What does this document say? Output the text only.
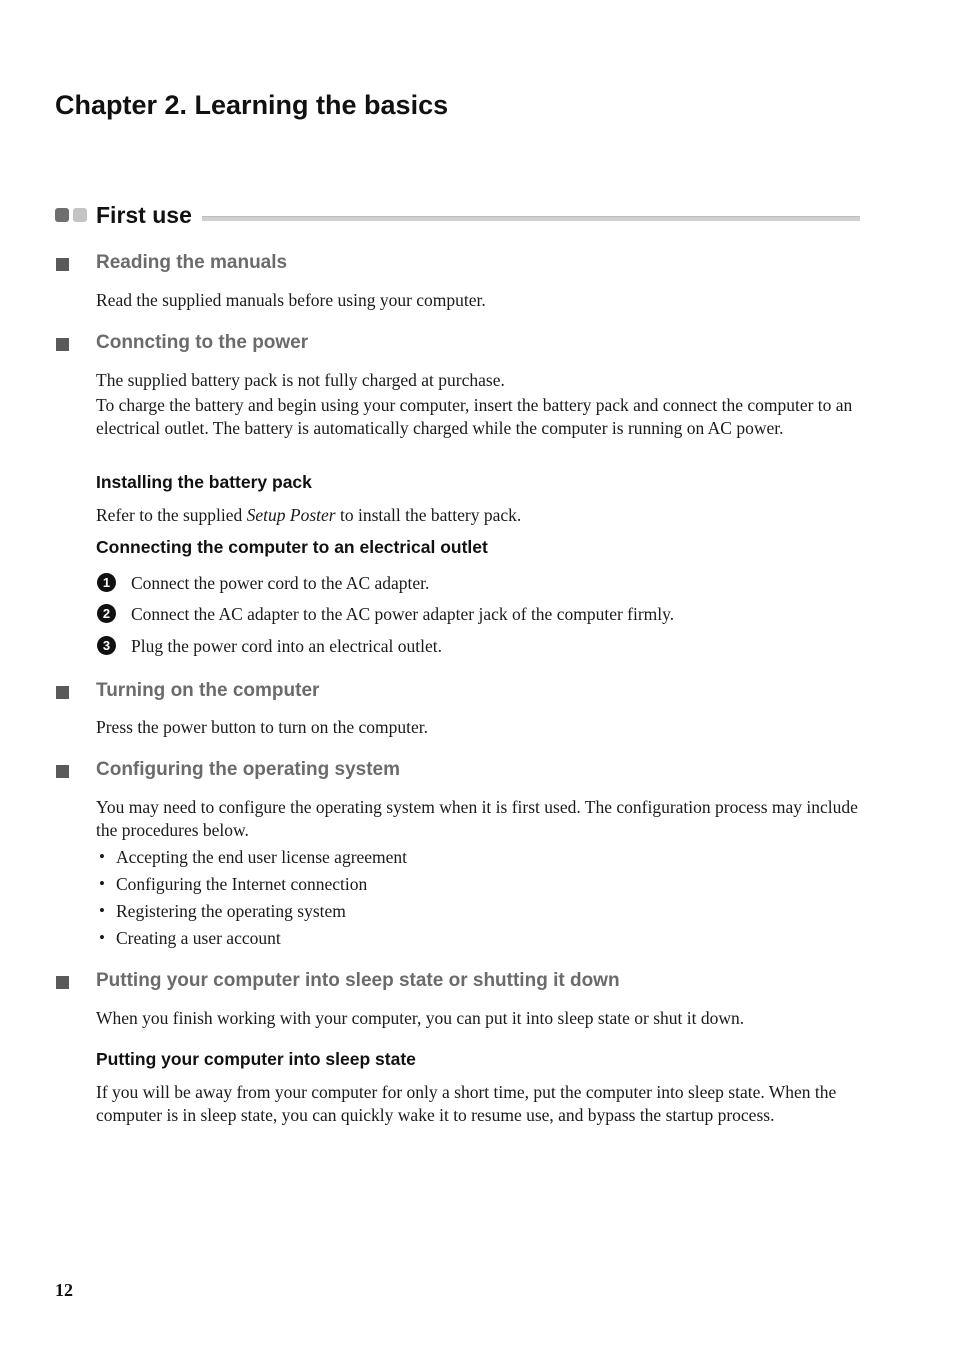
Chapter 2. Learning the basics
First use
Reading the manuals

Read the supplied manuals before using your computer.

Conncting to the power

The supplied battery pack is not fully charged at purchase.

To charge the battery and begin using your computer, insert the battery pack and connect the computer to an electrical outlet. The battery is automatically charged while the computer is running on AC power.

Installing the battery pack

Refer to the supplied Setup Poster to install the battery pack.

Connecting the computer to an electrical outlet
1	Connect the power cord to the AC adapter.

2	Connect the AC adapter to the AC power adapter jack of the computer firmly.

3	Plug the power cord into an electrical outlet.

Turning on the computer

Press the power button to turn on the computer.

Configuring the operating system

You may need to configure the operating system when it is first used. The configuration process may include the procedures below.

• Accepting the end user license agreement

• Configuring the Internet connection

• Registering the operating system

• Creating a user account

Putting your computer into sleep state or shutting it down

When you finish working with your computer, you can put it into sleep state or shut it down.

Putting your computer into sleep state

If you will be away from your computer for only a short time, put the computer into sleep state. When the computer is in sleep state, you can quickly wake it to resume use, and bypass the startup process.

12
